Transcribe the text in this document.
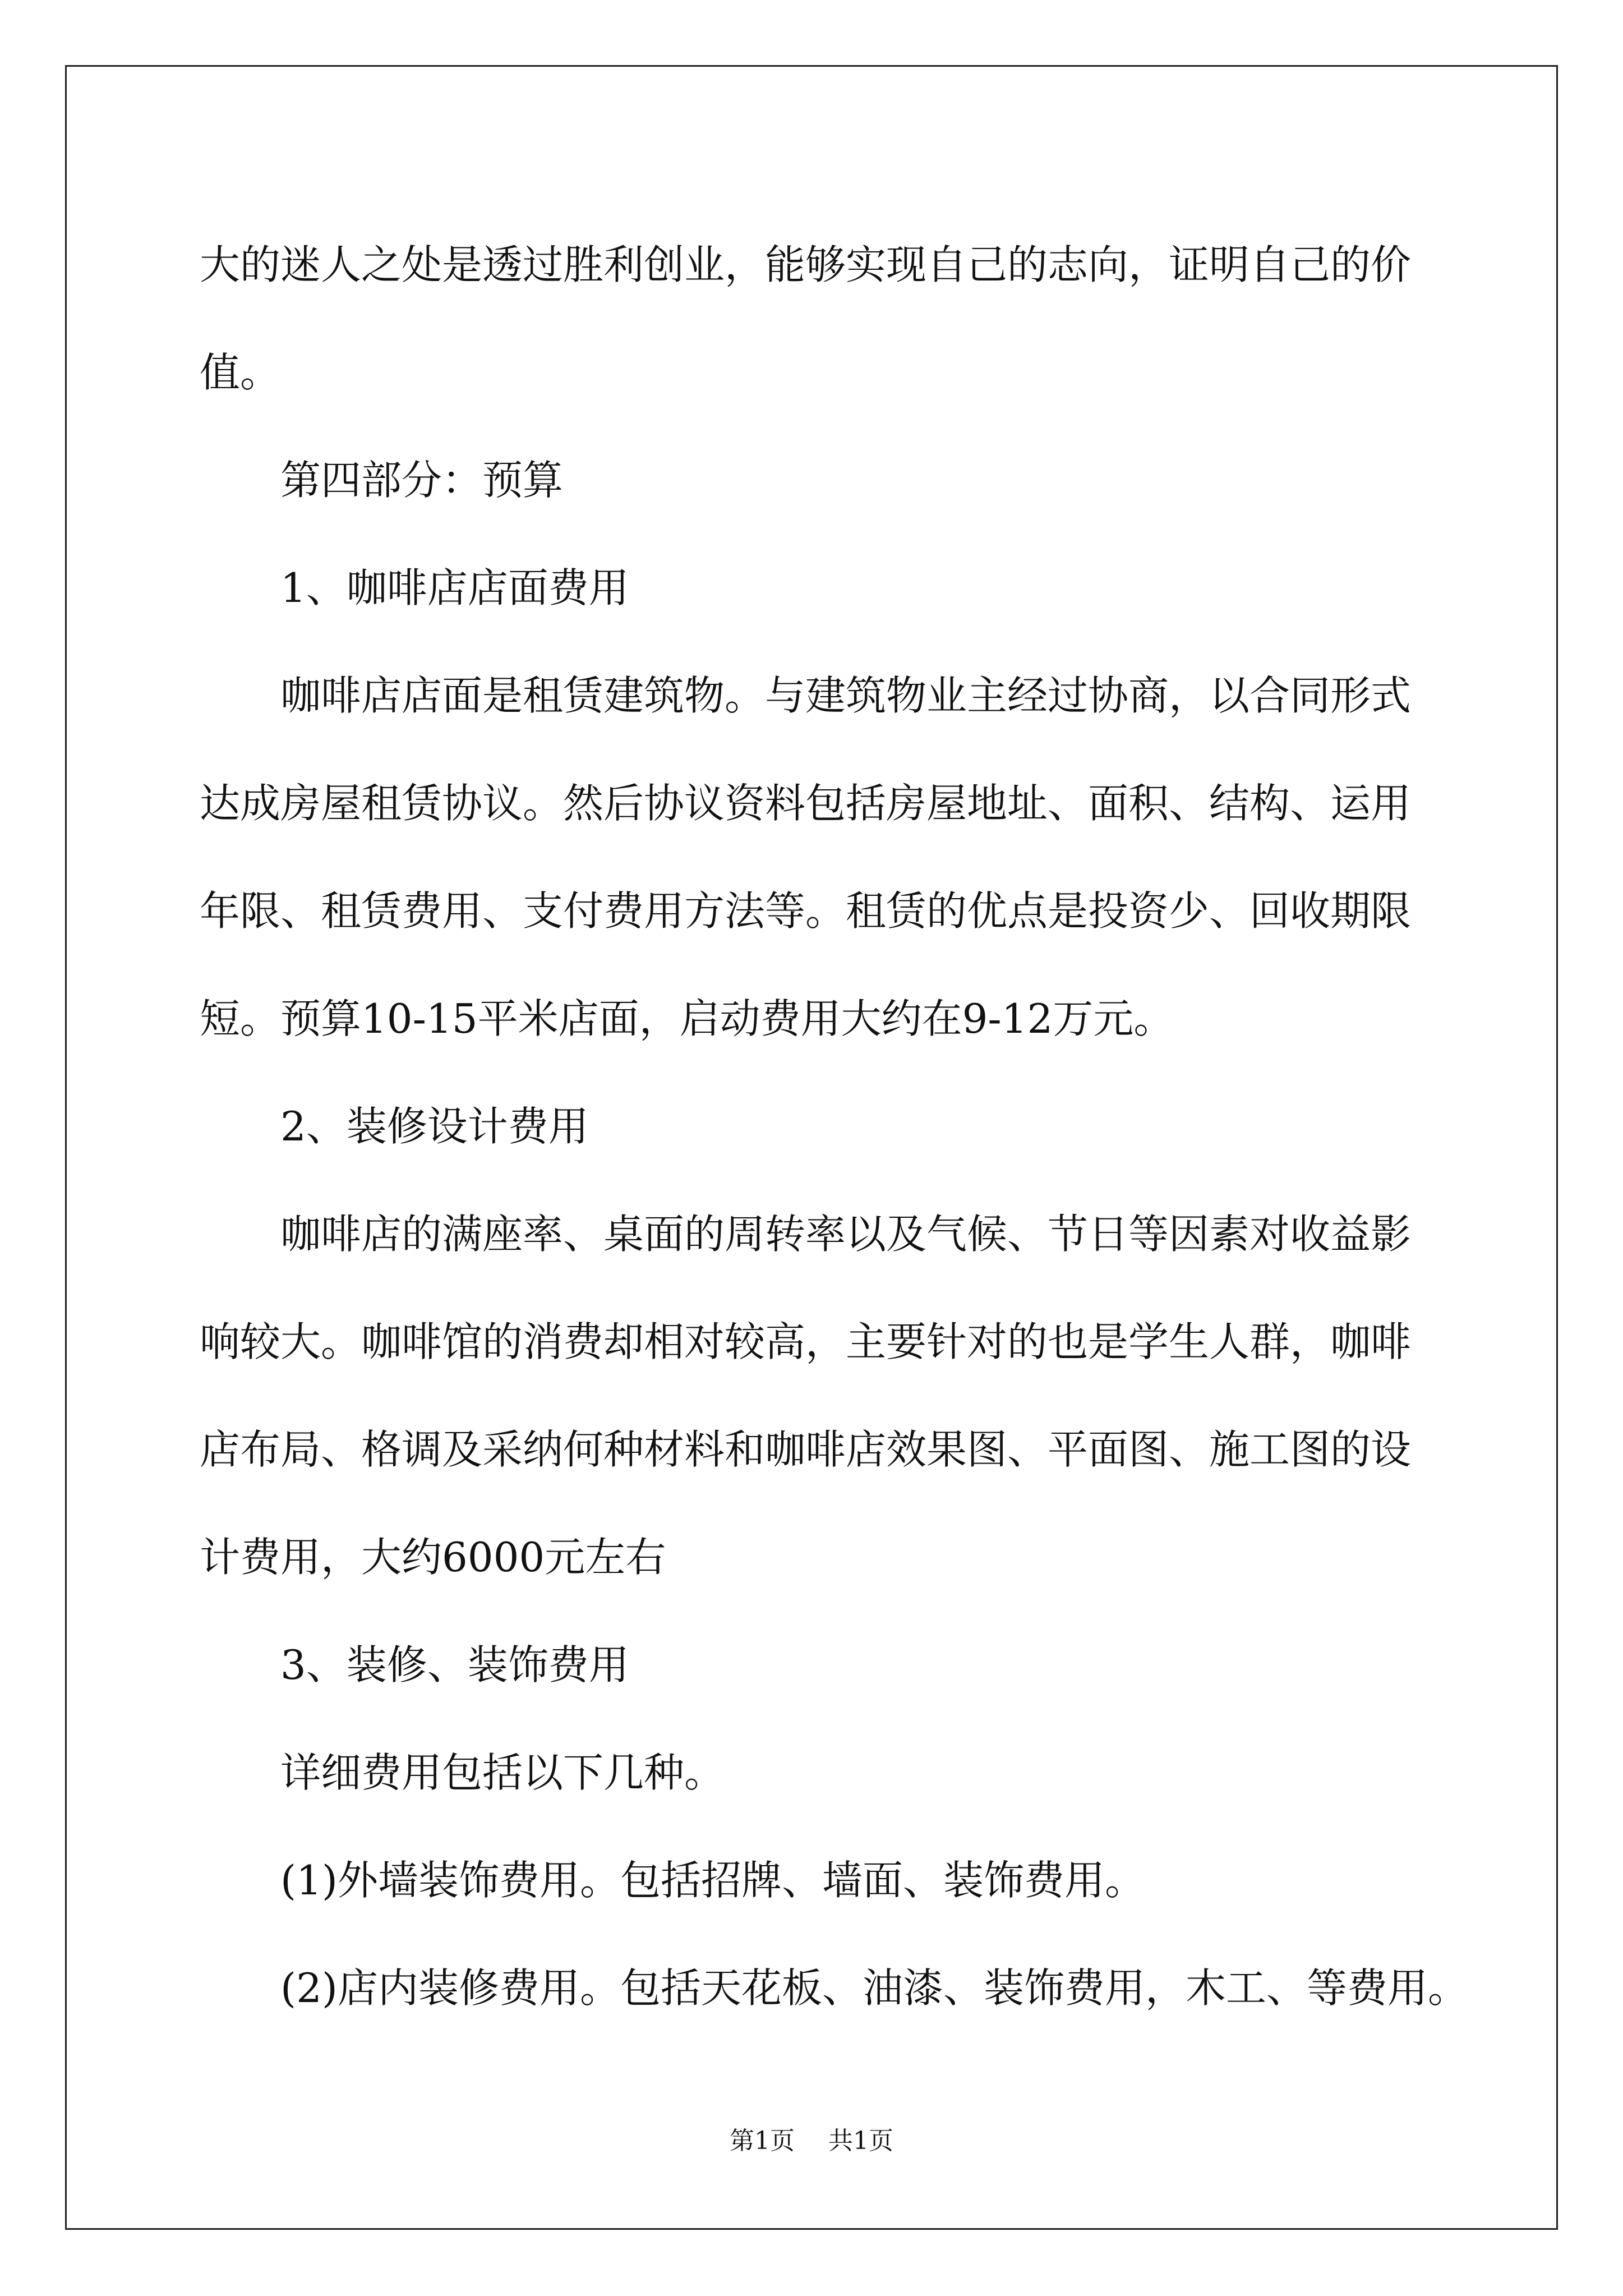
大的迷人之处是透过胜利创业，能够实现自己的志向，证明自己的价
值。
第四部分：预算
1、咖啡店店面费用
咖啡店店面是租赁建筑物。与建筑物业主经过协商，以合同形式
达成房屋租赁协议。然后协议资料包括房屋地址、面积、结构、运用
年限、租赁费用、支付费用方法等。租赁的优点是投资少、回收期限
短。预算10-15平米店面，启动费用大约在9-12万元。
2、装修设计费用
咖啡店的满座率、桌面的周转率以及气候、节日等因素对收益影
响较大。咖啡馆的消费却相对较高，主要针对的也是学生人群，咖啡
店布局、格调及采纳何种材料和咖啡店效果图、平面图、施工图的设
计费用，大约6000元左右
3、装修、装饰费用
详细费用包括以下几种。
(1)外墙装饰费用。包括招牌、墙面、装饰费用。
(2)店内装修费用。包括天花板、油漆、装饰费用，木工、等费用。
第1页 共1页
